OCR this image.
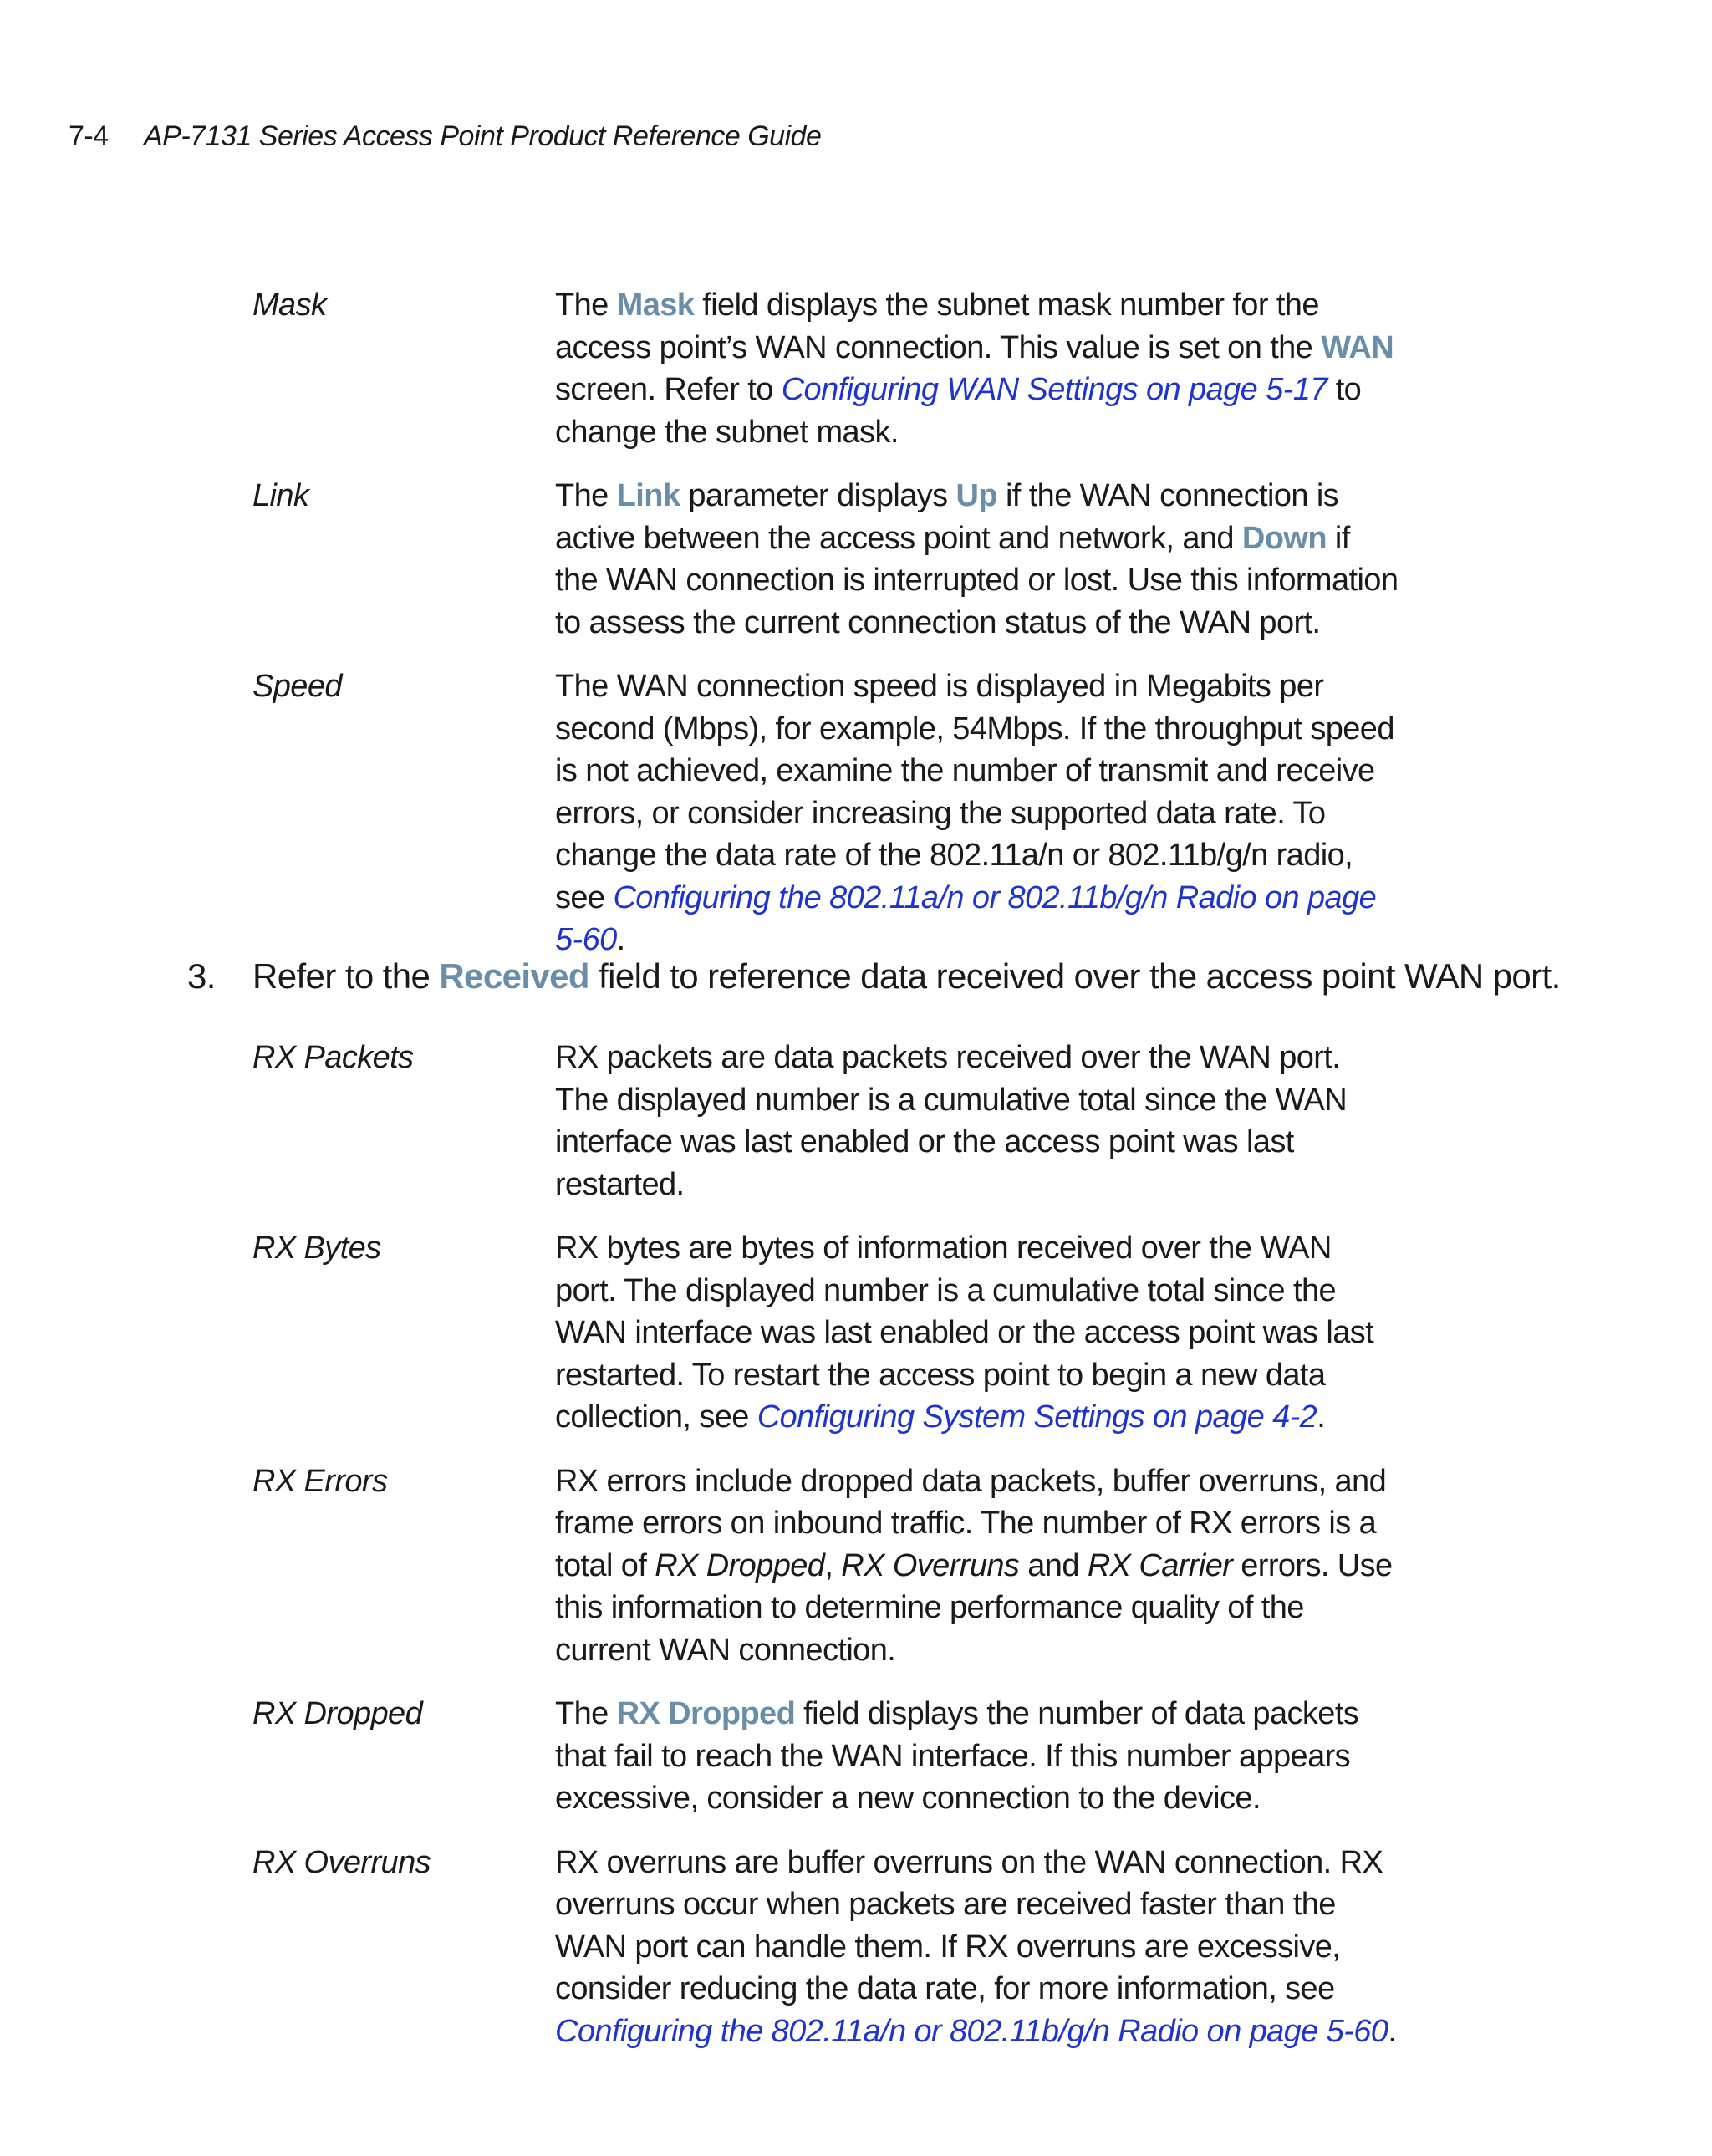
7-4 AP-7131 Series Access Point Product Reference Guide
Mask	The Mask field displays the subnet mask number for the access point’s WAN connection. This value is set on the WAN screen. Refer to Configuring WAN Settings on page 5-17 to change the subnet mask.
Link	The Link parameter displays Up if the WAN connection is active between the access point and network, and Down if the WAN connection is interrupted or lost. Use this information to assess the current connection status of the WAN port.
Speed	The WAN connection speed is displayed in Megabits per second (Mbps), for example, 54Mbps. If the throughput speed is not achieved, examine the number of transmit and receive errors, or consider increasing the supported data rate. To change the data rate of the 802.11a/n or 802.11b/g/n radio, see Configuring the 802.11a/n or 802.11b/g/n Radio on page 5-60.
3.	Refer to the Received field to reference data received over the access point WAN port.
RX Packets	RX packets are data packets received over the WAN port. The displayed number is a cumulative total since the WAN interface was last enabled or the access point was last restarted.
RX Bytes	RX bytes are bytes of information received over the WAN port. The displayed number is a cumulative total since the WAN interface was last enabled or the access point was last restarted. To restart the access point to begin a new data collection, see Configuring System Settings on page 4-2.
RX Errors	RX errors include dropped data packets, buffer overruns, and frame errors on inbound traffic. The number of RX errors is a total of RX Dropped, RX Overruns and RX Carrier errors. Use this information to determine performance quality of the current WAN connection.
RX Dropped	The RX Dropped field displays the number of data packets that fail to reach the WAN interface. If this number appears excessive, consider a new connection to the device.
RX Overruns	RX overruns are buffer overruns on the WAN connection. RX overruns occur when packets are received faster than the WAN port can handle them. If RX overruns are excessive, consider reducing the data rate, for more information, see Configuring the 802.11a/n or 802.11b/g/n Radio on page 5-60.
